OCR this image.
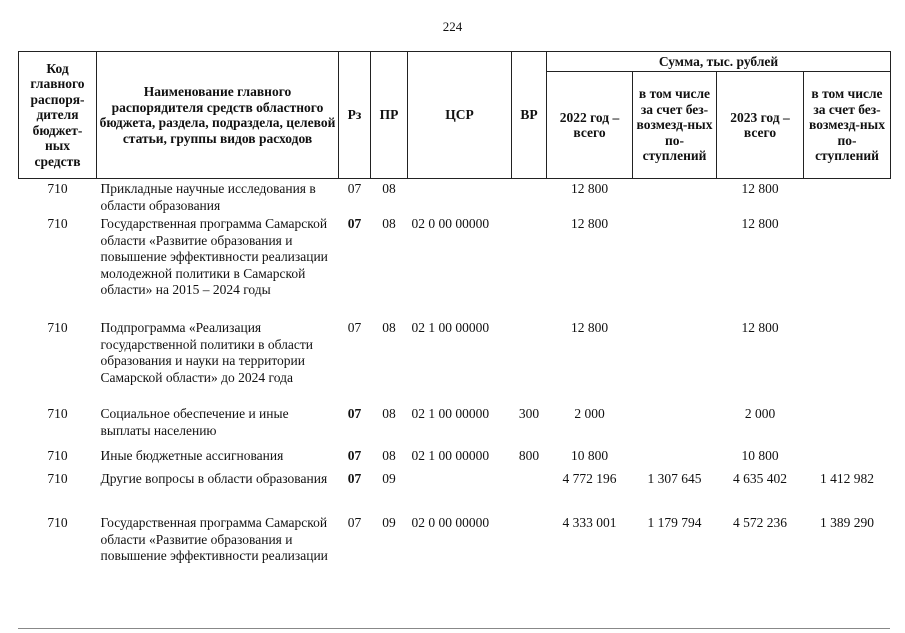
224
Код главного распоря-дителя бюджет-ных средств	Наименование главного распорядителя средств областного бюджета, раздела, подраздела, целевой статьи, группы видов расходов	Рз	ПР	ЦСР	ВР	Сумма, тыс. рублей			
						2022 год – всего	в том числе за счет без-возмезд-ных по-ступлений	2023 год – всего	в том числе за счет без-возмезд-ных по-ступлений
710	Прикладные научные исследования в области образования	07	08			12 800		12 800	
710	Государственная программа Самарской области «Развитие образования и повышение эффективности реализации молодежной политики в Самарской области» на 2015 – 2024 годы	07	08	02 0 00 00000		12 800		12 800	
710	Подпрограмма «Реализация государственной политики в области образования и науки на территории Самарской области» до 2024 года	07	08	02 1 00 00000		12 800		12 800	
710	Социальное обеспечение и иные выплаты населению	07	08	02 1 00 00000	300	2 000		2 000	
710	Иные бюджетные ассигнования	07	08	02 1 00 00000	800	10 800		10 800	
710	Другие вопросы в области образования	07	09			4 772 196	1 307 645	4 635 402	1 412 982
710	Государственная программа Самарской области «Развитие образования и повышение эффективности реализации	07	09	02 0 00 00000		4 333 001	1 179 794	4 572 236	1 389 290
